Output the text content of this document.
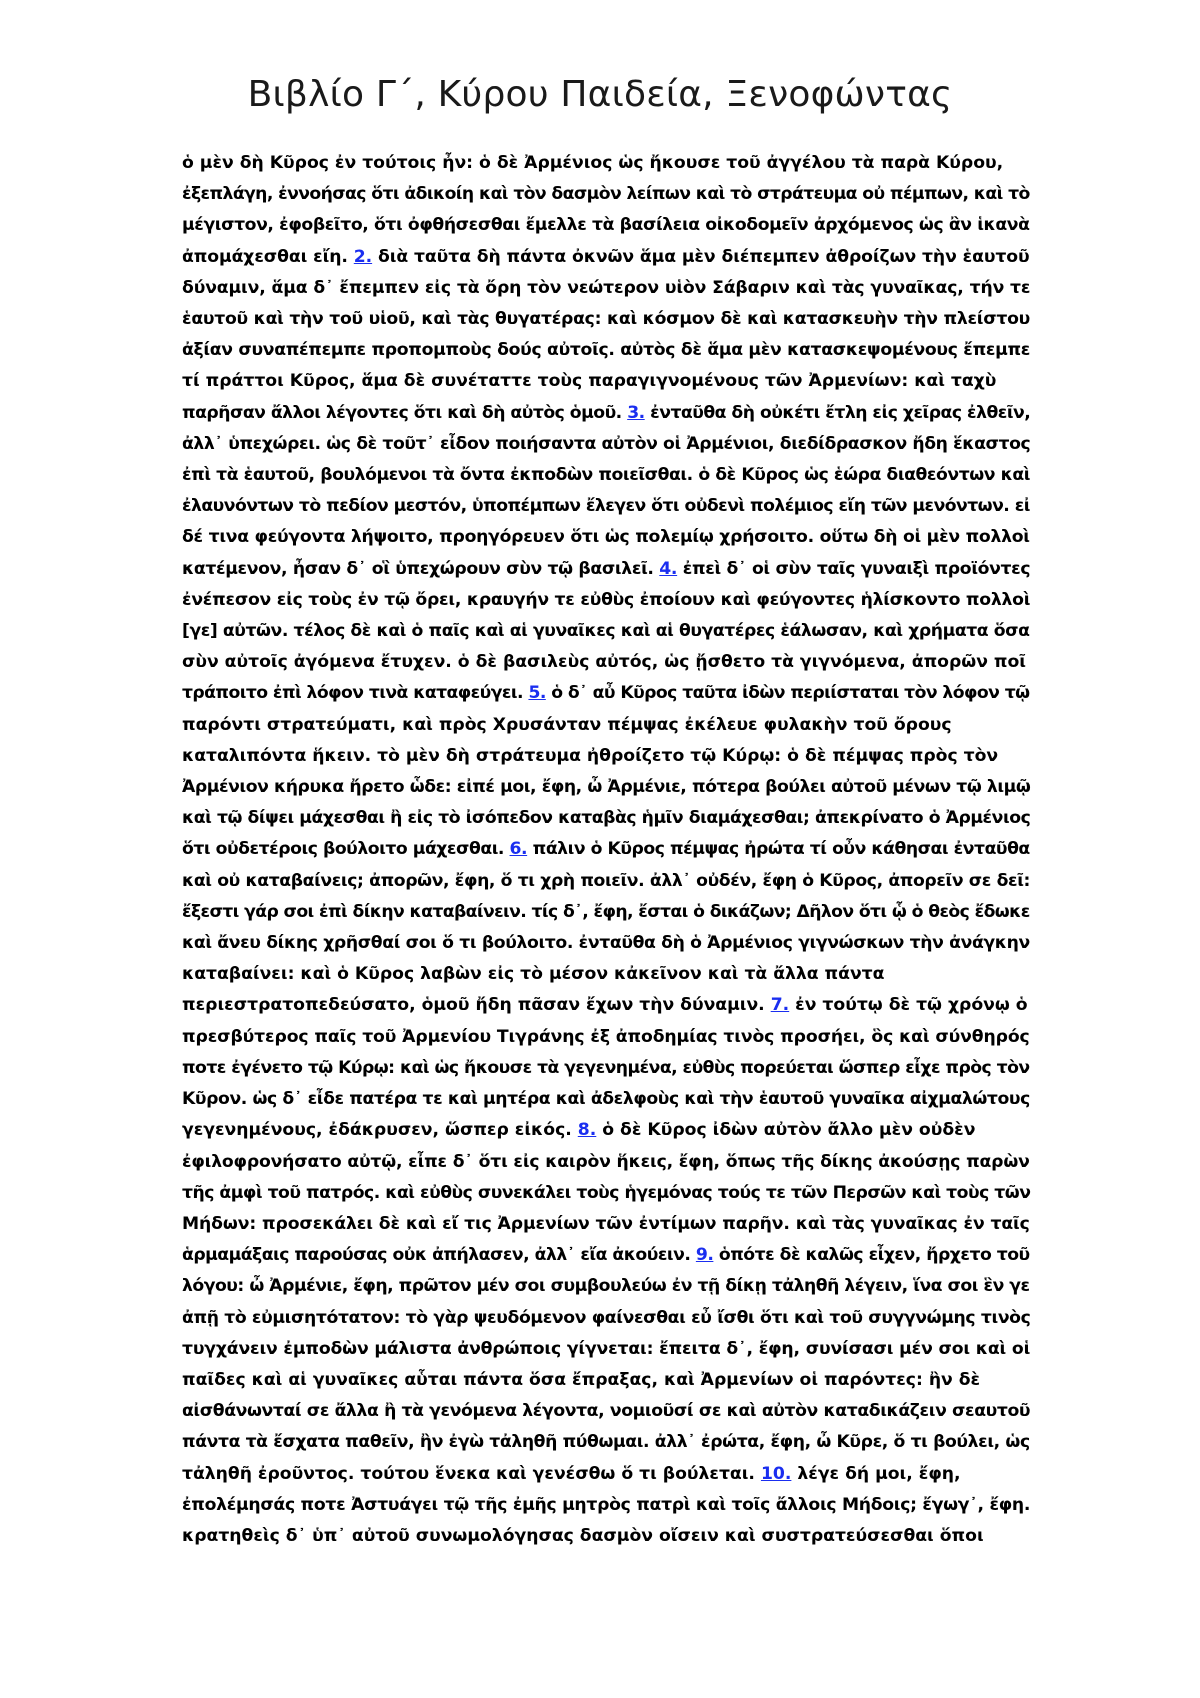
Βιβλίο Γ΄, Κύρου Παιδεία, Ξενοφώντας
ὁ μὲν δὴ Κῦρος ἐν τούτοις ἦν: ὁ δὲ Ἀρμένιος ὡς ἤκουσε τοῦ ἀγγέλου τὰ παρὰ Κύρου,
ἐξεπλάγη, ἐννοήσας ὅτι ἀδικοίη καὶ τὸν δασμὸν λείπων καὶ τὸ στράτευμα οὐ πέμπων, καὶ τὸ
μέγιστον, ἐφοβεῖτο, ὅτι ὀφθήσεσθαι ἔμελλε τὰ βασίλεια οἰκοδομεῖν ἀρχόμενος ὡς ἂν ἱκανὰ
ἀπομάχεσθαι εἴη. 2. διὰ ταῦτα δὴ πάντα ὀκνῶν ἅμα μὲν διέπεμπεν ἀθροίζων τὴν ἑαυτοῦ
δύναμιν, ἅμα δ᾽ ἔπεμπεν εἰς τὰ ὄρη τὸν νεώτερον υἱὸν Σάβαριν καὶ τὰς γυναῖκας, τήν τε
ἑαυτοῦ καὶ τὴν τοῦ υἱοῦ, καὶ τὰς θυγατέρας: καὶ κόσμον δὲ καὶ κατασκευὴν τὴν πλείστου
ἀξίαν συναπέπεμπε προπομποὺς δούς αὐτοῖς. αὐτὸς δὲ ἅμα μὲν κατασκεψομένους ἔπεμπε
τί πράττοι Κῦρος, ἅμα δὲ συνέταττε τοὺς παραγιγνομένους τῶν Ἀρμενίων: καὶ ταχὺ
παρῆσαν ἄλλοι λέγοντες ὅτι καὶ δὴ αὐτὸς ὁμοῦ. 3. ἐνταῦθα δὴ οὐκέτι ἔτλη εἰς χεῖρας ἐλθεῖν,
ἀλλ᾽ ὑπεχώρει. ὡς δὲ τοῦτ᾽ εἶδον ποιήσαντα αὐτὸν οἱ Ἀρμένιοι, διεδίδρασκον ἤδη ἕκαστος
ἐπὶ τὰ ἑαυτοῦ, βουλόμενοι τὰ ὄντα ἐκποδὼν ποιεῖσθαι. ὁ δὲ Κῦρος ὡς ἑώρα διαθεόντων καὶ
ἐλαυνόντων τὸ πεδίον μεστόν, ὑποπέμπων ἔλεγεν ὅτι οὐδενὶ πολέμιος εἴη τῶν μενόντων. εἰ
δέ τινα φεύγοντα λήψοιτο, προηγόρευεν ὅτι ὡς πολεμίῳ χρήσοιτο. οὕτω δὴ οἱ μὲν πολλοὶ
κατέμενον, ἦσαν δ᾽ οἳ ὑπεχώρουν σὺν τῷ βασιλεῖ. 4. ἐπεὶ δ᾽ οἱ σὺν ταῖς γυναιξὶ προϊόντες
ἐνέπεσον εἰς τοὺς ἐν τῷ ὄρει, κραυγήν τε εὐθὺς ἐποίουν καὶ φεύγοντες ἡλίσκοντο πολλοὶ
[γε] αὐτῶν. τέλος δὲ καὶ ὁ παῖς καὶ αἱ γυναῖκες καὶ αἱ θυγατέρες ἑάλωσαν, καὶ χρήματα ὅσα
σὺν αὐτοῖς ἀγόμενα ἔτυχεν. ὁ δὲ βασιλεὺς αὐτός, ὡς ᾔσθετο τὰ γιγνόμενα, ἀπορῶν ποῖ
τράποιτο ἐπὶ λόφον τινὰ καταφεύγει. 5. ὁ δ᾽ αὖ Κῦρος ταῦτα ἰδὼν περιίσταται τὸν λόφον τῷ
παρόντι στρατεύματι, καὶ πρὸς Χρυσάνταν πέμψας ἐκέλευε φυλακὴν τοῦ ὄρους
καταλιπόντα ἥκειν. τὸ μὲν δὴ στράτευμα ἠθροίζετο τῷ Κύρῳ: ὁ δὲ πέμψας πρὸς τὸν
Ἀρμένιον κήρυκα ἤρετο ὧδε: εἰπέ μοι, ἔφη, ὦ Ἀρμένιε, πότερα βούλει αὐτοῦ μένων τῷ λιμῷ
καὶ τῷ δίψει μάχεσθαι ἢ εἰς τὸ ἰσόπεδον καταβὰς ἡμῖν διαμάχεσθαι; ἀπεκρίνατο ὁ Ἀρμένιος
ὅτι οὐδετέροις βούλοιτο μάχεσθαι. 6. πάλιν ὁ Κῦρος πέμψας ἠρώτα τί οὖν κάθησαι ἐνταῦθα
καὶ οὐ καταβαίνεις; ἀπορῶν, ἔφη, ὅ τι χρὴ ποιεῖν. ἀλλ᾽ οὐδέν, ἔφη ὁ Κῦρος, ἀπορεῖν σε δεῖ:
ἔξεστι γάρ σοι ἐπὶ δίκην καταβαίνειν. τίς δ᾽, ἔφη, ἔσται ὁ δικάζων; Δῆλον ὅτι ᾧ ὁ θεὸς ἔδωκε
καὶ ἄνευ δίκης χρῆσθαί σοι ὅ τι βούλοιτο. ἐνταῦθα δὴ ὁ Ἀρμένιος γιγνώσκων τὴν ἀνάγκην
καταβαίνει: καὶ ὁ Κῦρος λαβὼν εἰς τὸ μέσον κἀκεῖνον καὶ τὰ ἄλλα πάντα
περιεστρατοπεδεύσατο, ὁμοῦ ἤδη πᾶσαν ἔχων τὴν δύναμιν. 7. ἐν τούτῳ δὲ τῷ χρόνῳ ὁ
πρεσβύτερος παῖς τοῦ Ἀρμενίου Τιγράνης ἐξ ἀποδημίας τινὸς προσήει, ὃς καὶ σύνθηρός
ποτε ἐγένετο τῷ Κύρῳ: καὶ ὡς ἤκουσε τὰ γεγενημένα, εὐθὺς πορεύεται ὥσπερ εἶχε πρὸς τὸν
Κῦρον. ὡς δ᾽ εἶδε πατέρα τε καὶ μητέρα καὶ ἀδελφοὺς καὶ τὴν ἑαυτοῦ γυναῖκα αἰχμαλώτους
γεγενημένους, ἐδάκρυσεν, ὥσπερ εἰκός. 8. ὁ δὲ Κῦρος ἰδὼν αὐτὸν ἄλλο μὲν οὐδὲν
ἐφιλοφρονήσατο αὐτῷ, εἶπε δ᾽ ὅτι εἰς καιρὸν ἥκεις, ἔφη, ὅπως τῆς δίκης ἀκούσῃς παρὼν
τῆς ἀμφὶ τοῦ πατρός. καὶ εὐθὺς συνεκάλει τοὺς ἡγεμόνας τούς τε τῶν Περσῶν καὶ τοὺς τῶν
Μήδων: προσεκάλει δὲ καὶ εἴ τις Ἀρμενίων τῶν ἐντίμων παρῆν. καὶ τὰς γυναῖκας ἐν ταῖς
ἁρμαμάξαις παρούσας οὐκ ἀπήλασεν, ἀλλ᾽ εἴα ἀκούειν. 9. ὁπότε δὲ καλῶς εἶχεν, ἤρχετο τοῦ
λόγου: ὦ Ἀρμένιε, ἔφη, πρῶτον μέν σοι συμβουλεύω ἐν τῇ δίκῃ τἀληθῆ λέγειν, ἵνα σοι ἓν γε
ἀπῇ τὸ εὐμισητότατον: τὸ γὰρ ψευδόμενον φαίνεσθαι εὖ ἴσθι ὅτι καὶ τοῦ συγγνώμης τινὸς
τυγχάνειν ἐμποδὼν μάλιστα ἀνθρώποις γίγνεται: ἔπειτα δ᾽, ἔφη, συνίσασι μέν σοι καὶ οἱ
παῖδες καὶ αἱ γυναῖκες αὗται πάντα ὅσα ἔπραξας, καὶ Ἀρμενίων οἱ παρόντες: ἢν δὲ
αἰσθάνωνταί σε ἄλλα ἢ τὰ γενόμενα λέγοντα, νομιοῦσί σε καὶ αὐτὸν καταδικάζειν σεαυτοῦ
πάντα τὰ ἔσχατα παθεῖν, ἢν ἐγὼ τἀληθῆ πύθωμαι. ἀλλ᾽ ἐρώτα, ἔφη, ὦ Κῦρε, ὅ τι βούλει, ὡς
τἀληθῆ ἐροῦντος. τούτου ἕνεκα καὶ γενέσθω ὅ τι βούλεται. 10. λέγε δή μοι, ἔφη,
ἐπολέμησάς ποτε Ἀστυάγει τῷ τῆς ἐμῆς μητρὸς πατρὶ καὶ τοῖς ἄλλοις Μήδοις; ἔγωγ᾽, ἔφη.
κρατηθεὶς δ᾽ ὑπ᾽ αὐτοῦ συνωμολόγησας δασμὸν οἴσειν καὶ συστρατεύσεσθαι ὅποι
